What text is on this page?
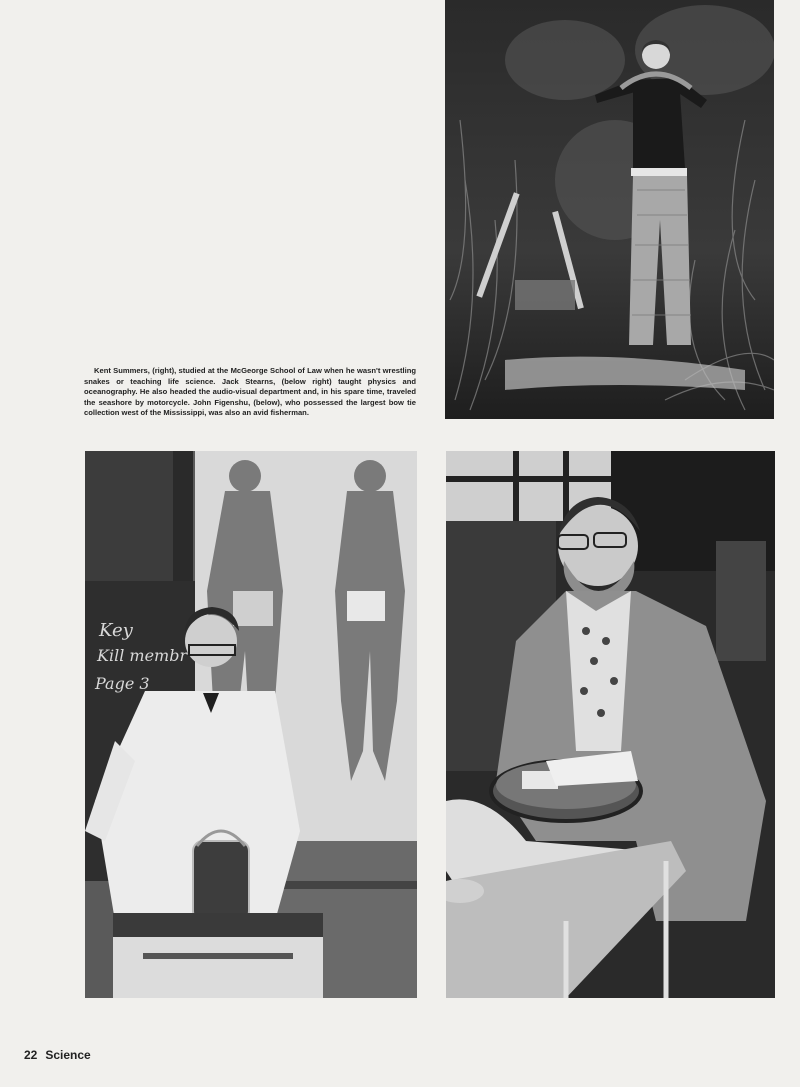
Kent Summers, (right), studied at the McGeorge School of Law when he wasn't wrestling snakes or teaching life science. Jack Stearns, (below right) taught physics and oceanography. He also headed the audio-visual department and, in his spare time, traveled the seashore by motorcycle. John Figenshu, (below), who possessed the largest bow tie collection west of the Mississippi, was also an avid fisherman.

Key
Kill membr
Page 3
22 Science
